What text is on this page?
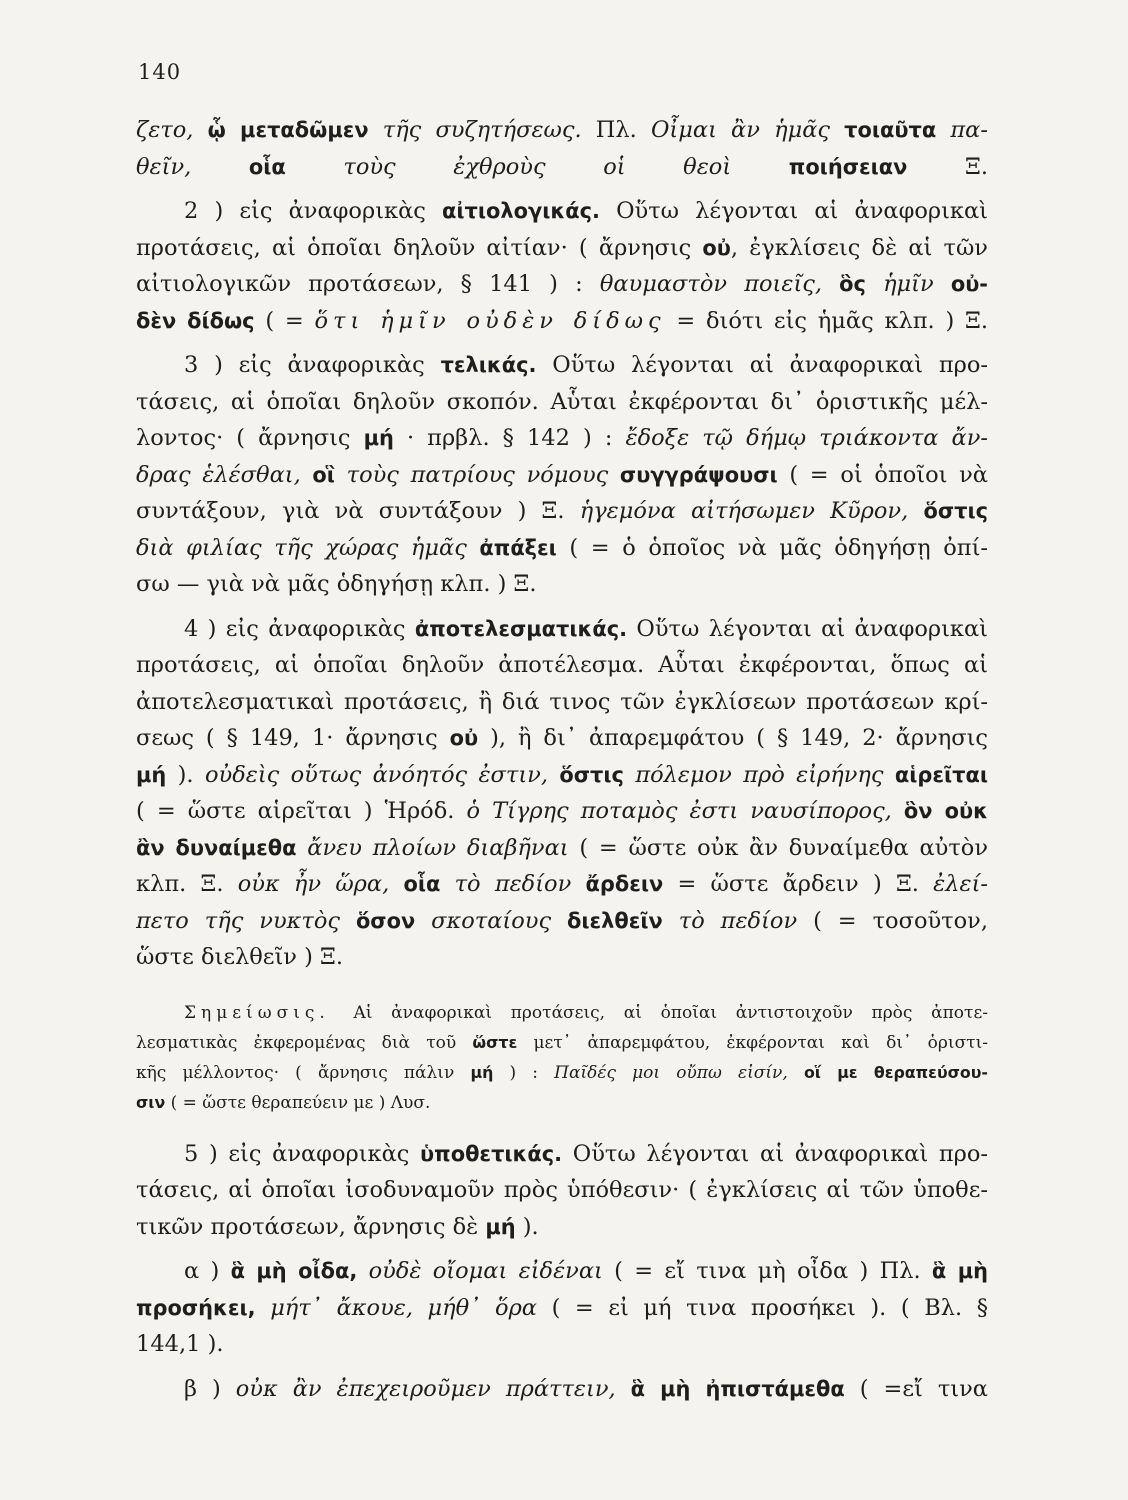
140
ζετο, ᾧ μεταδῶμεν τῆς συζητήσεως. Πλ. Οἶμαι ἂν ἡμᾶς τοιαῦτα πα-
θεῖν, οἷα τοὺς ἐχθροὺς οἱ θεοὶ ποιήσειαν Ξ.
2 ) εἰς ἀναφορικὰς αἰτιολογικάς. Οὕτω λέγονται αἱ ἀναφορικαὶ
προτάσεις, αἱ ὁποῖαι δηλοῦν αἰτίαν· ( ἄρνησις οὐ, ἐγκλίσεις δὲ αἱ τῶν
αἰτιολογικῶν προτάσεων, § 141 ) : θαυμαστὸν ποιεῖς, ὃς ἡμῖν οὐ-
δὲν δίδως ( = ὅτι ἡμῖν οὐδὲν δίδως = διότι εἰς ἡμᾶς κλπ. ) Ξ.
3 ) εἰς ἀναφορικὰς τελικάς. Οὕτω λέγονται αἱ ἀναφορικαὶ προ-
τάσεις, αἱ ὁποῖαι δηλοῦν σκοπόν. Αὗται ἐκφέρονται δι᾽ ὁριστικῆς μέλ-
λοντος· ( ἄρνησις μή · πρβλ. § 142 ) : ἔδοξε τῷ δήμῳ τριάκοντα ἄν-
δρας ἑλέσθαι, οἳ τοὺς πατρίους νόμους συγγράψουσι ( = οἱ ὁποῖοι νὰ
συντάξουν, γιὰ νὰ συντάξουν ) Ξ. ἡγεμόνα αἰτήσωμεν Κῦρον, ὅστις
διὰ φιλίας τῆς χώρας ἡμᾶς ἀπάξει ( = ὁ ὁποῖος νὰ μᾶς ὁδηγήσῃ ὀπί-
σω — γιὰ νὰ μᾶς ὁδηγήσῃ κλπ. ) Ξ.
4 ) εἰς ἀναφορικὰς ἀποτελεσματικάς. Οὕτω λέγονται αἱ ἀναφορικαὶ
προτάσεις, αἱ ὁποῖαι δηλοῦν ἀποτέλεσμα. Αὗται ἐκφέρονται, ὅπως αἱ
ἀποτελεσματικαὶ προτάσεις, ἢ διά τινος τῶν ἐγκλίσεων προτάσεων κρί-
σεως ( § 149, 1· ἄρνησις οὐ ), ἢ δι᾽ ἀπαρεμφάτου ( § 149, 2· ἄρνησις
μή ). οὐδεὶς οὕτως ἀνόητός ἐστιν, ὅστις πόλεμον πρὸ εἰρήνης αἱρεῖται
( = ὥστε αἱρεῖται ) Ἡρόδ. ὁ Τίγρης ποταμὸς ἐστι ναυσίπορος, ὃν οὐκ
ἂν δυναίμεθα ἄνευ πλοίων διαβῆναι ( = ὥστε οὐκ ἂν δυναίμεθα αὐτὸν
κλπ. Ξ. οὐκ ἦν ὥρα, οἷα τὸ πεδίον ἄρδειν = ὥστε ἄρδειν ) Ξ. ἐλεί-
πετο τῆς νυκτὸς ὅσον σκοταίους διελθεῖν τὸ πεδίον ( = τοσοῦτον,
ὥστε διελθεῖν ) Ξ.
Σημείωσις. Αἱ ἀναφορικαὶ προτάσεις, αἱ ὁποῖαι ἀντιστοιχοῦν πρὸς ἀποτε-
λεσματικὰς ἐκφερομένας διὰ τοῦ ὥστε μετ᾽ ἀπαρεμφάτου, ἐκφέρονται καὶ δι᾽ ὁριστι-
κῆς μέλλοντος· ( ἄρνησις πάλιν μή ) : Παῖδές μοι οὔπω εἰσίν, οἵ με θεραπεύσου-
σιν ( = ὥστε θεραπεύειν με ) Λυσ.
5 ) εἰς ἀναφορικὰς ὑποθετικάς. Οὕτω λέγονται αἱ ἀναφορικαὶ προ-
τάσεις, αἱ ὁποῖαι ἰσοδυναμοῦν πρὸς ὑπόθεσιν· ( ἐγκλίσεις αἱ τῶν ὑποθε-
τικῶν προτάσεων, ἄρνησις δὲ μή ).
α ) ἃ μὴ οἶδα, οὐδὲ οἴομαι εἰδέναι ( = εἴ τινα μὴ οἶδα ) Πλ. ἃ μὴ
προσήκει, μήτ᾽ ἄκουε, μήθ᾽ ὅρα ( = εἰ μή τινα προσήκει ). ( Βλ. §
144,1 ).
β ) οὐκ ἂν ἐπεχειροῦμεν πράττειν, ἃ μὴ ἠπιστάμεθα ( =εἴ τινα
